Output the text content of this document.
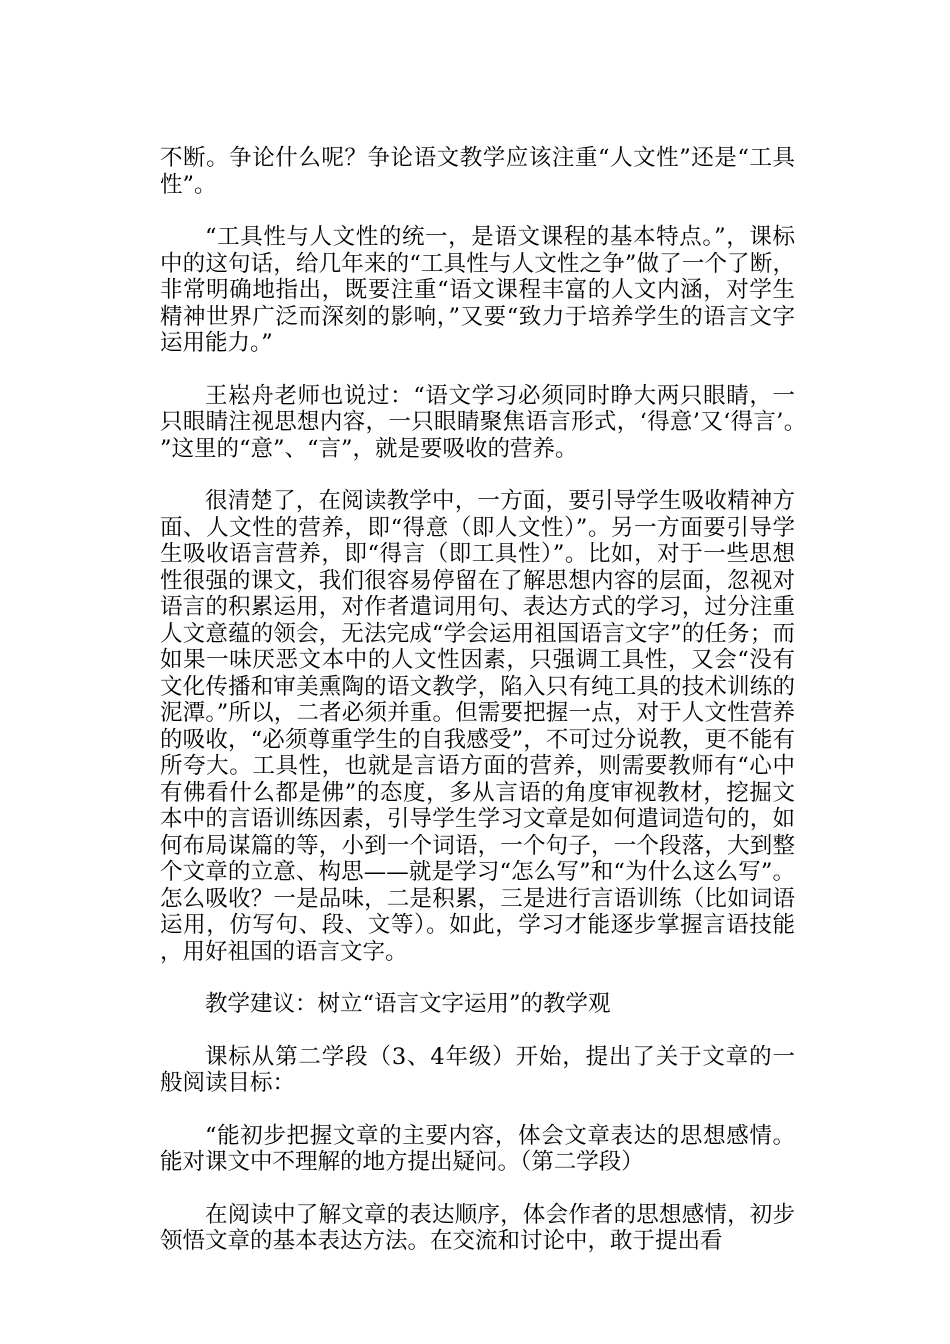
不断。争论什么呢？争论语文教学应该注重“人文性”还是“工具性”。

“工具性与人文性的统一，是语文课程的基本特点。”，课标中的这句话，给几年来的“工具性与人文性之争”做了一个了断，非常明确地指出，既要注重“语文课程丰富的人文内涵，对学生精神世界广泛而深刻的影响，”又要“致力于培养学生的语言文字运用能力。”

王崧舟老师也说过：“语文学习必须同时睁大两只眼睛，一只眼睛注视思想内容，一只眼睛聚焦语言形式，‘得意’又‘得言’。”这里的“意”、“言”，就是要吸收的营养。

很清楚了，在阅读教学中，一方面，要引导学生吸收精神方面、人文性的营养，即“得意（即人文性）”。另一方面要引导学生吸收语言营养，即“得言（即工具性）”。比如，对于一些思想性很强的课文，我们很容易停留在了解思想内容的层面，忽视对语言的积累运用，对作者遣词用句、表达方式的学习，过分注重人文意蕴的领会，无法完成“学会运用祖国语言文字”的任务；而如果一味厌恶文本中的人文性因素，只强调工具性，又会“没有文化传播和审美熏陶的语文教学，陷入只有纯工具的技术训练的泥潭。”所以，二者必须并重。但需要把握一点，对于人文性营养的吸收，“必须尊重学生的自我感受”，不可过分说教，更不能有所夸大。工具性，也就是言语方面的营养，则需要教师有“心中有佛看什么都是佛”的态度，多从言语的角度审视教材，挖掘文本中的言语训练因素，引导学生学习文章是如何遣词造句的，如何布局谋篇的等，小到一个词语，一个句子，一个段落，大到整个文章的立意、构思——就是学习“怎么写”和“为什么这么写”。怎么吸收？一是品味，二是积累，三是进行言语训练（比如词语运用，仿写句、段、文等）。如此，学习才能逐步掌握言语技能，用好祖国的语言文字。

教学建议：树立“语言文字运用”的教学观

课标从第二学段（3、4年级）开始，提出了关于文章的一般阅读目标：

“能初步把握文章的主要内容，体会文章表达的思想感情。能对课文中不理解的地方提出疑问。（第二学段）

在阅读中了解文章的表达顺序，体会作者的思想感情，初步领悟文章的基本表达方法。在交流和讨论中，敢于提出看
